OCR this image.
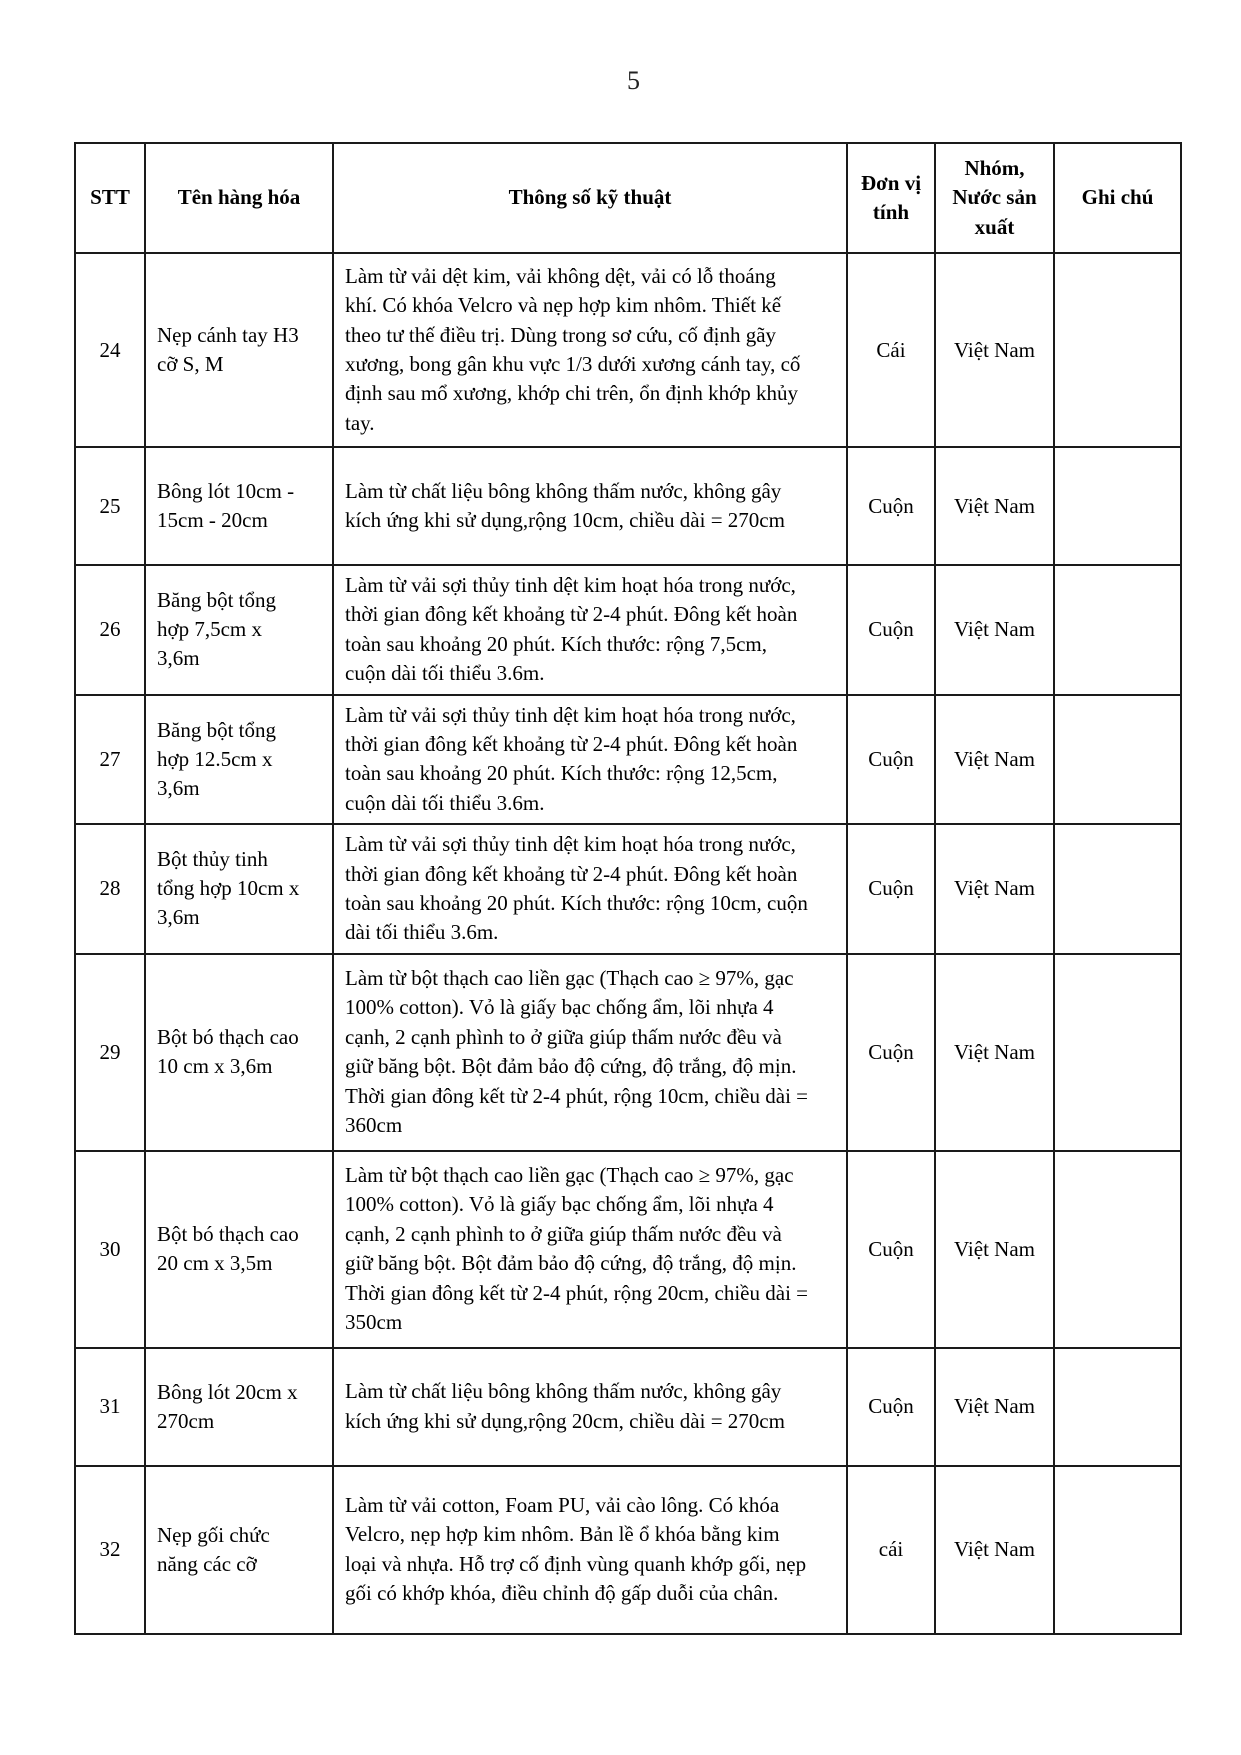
5
STT	Tên hàng hóa	Thông số kỹ thuật	Đơn vị tính	Nhóm, Nước sản xuất	Ghi chú
24	Nẹp cánh tay H3 cỡ S, M	Làm từ vải dệt kim, vải không dệt, vải có lỗ thoáng khí. Có khóa Velcro và nẹp hợp kim nhôm. Thiết kế theo tư thế điều trị. Dùng trong sơ cứu, cố định gãy xương, bong gân khu vực 1/3 dưới xương cánh tay, cố định sau mổ xương, khớp chi trên, ổn định khớp khủy tay.	Cái	Việt Nam	
25	Bông lót 10cm - 15cm - 20cm	Làm từ chất liệu bông không thấm nước, không gây kích ứng khi sử dụng,rộng 10cm, chiều dài = 270cm	Cuộn	Việt Nam	
26	Băng bột tổng hợp 7,5cm x 3,6m	Làm từ vải sợi thủy tinh dệt kim hoạt hóa trong nước, thời gian đông kết khoảng từ 2-4 phút. Đông kết hoàn toàn sau khoảng 20 phút. Kích thước: rộng 7,5cm, cuộn dài tối thiểu 3.6m.	Cuộn	Việt Nam	
27	Băng bột tổng hợp 12.5cm x 3,6m	Làm từ vải sợi thủy tinh dệt kim hoạt hóa trong nước, thời gian đông kết khoảng từ 2-4 phút. Đông kết hoàn toàn sau khoảng 20 phút. Kích thước: rộng 12,5cm, cuộn dài tối thiểu 3.6m.	Cuộn	Việt Nam	
28	Bột thủy tinh tổng hợp 10cm x 3,6m	Làm từ vải sợi thủy tinh dệt kim hoạt hóa trong nước, thời gian đông kết khoảng từ 2-4 phút. Đông kết hoàn toàn sau khoảng 20 phút. Kích thước: rộng 10cm, cuộn dài tối thiểu 3.6m.	Cuộn	Việt Nam	
29	Bột bó thạch cao 10 cm x 3,6m	Làm từ bột thạch cao liền gạc (Thạch cao ≥ 97%, gạc 100% cotton). Vỏ là giấy bạc chống ẩm, lõi nhựa 4 cạnh, 2 cạnh phình to ở giữa giúp thấm nước đều và giữ băng bột. Bột đảm bảo độ cứng, độ trắng, độ mịn. Thời gian đông kết từ 2-4 phút, rộng 10cm, chiều dài = 360cm	Cuộn	Việt Nam	
30	Bột bó thạch cao 20 cm x 3,5m	Làm từ bột thạch cao liền gạc (Thạch cao ≥ 97%, gạc 100% cotton). Vỏ là giấy bạc chống ẩm, lõi nhựa 4 cạnh, 2 cạnh phình to ở giữa giúp thấm nước đều và giữ băng bột. Bột đảm bảo độ cứng, độ trắng, độ mịn. Thời gian đông kết từ 2-4 phút, rộng 20cm, chiều dài = 350cm	Cuộn	Việt Nam	
31	Bông lót 20cm x 270cm	Làm từ chất liệu bông không thấm nước, không gây kích ứng khi sử dụng,rộng 20cm, chiều dài = 270cm	Cuộn	Việt Nam	
32	Nẹp gối chức năng các cỡ	Làm từ vải cotton, Foam PU, vải cào lông. Có khóa Velcro, nẹp hợp kim nhôm. Bản lề ổ khóa bằng kim loại và nhựa. Hỗ trợ cố định vùng quanh khớp gối, nẹp gối có khớp khóa, điều chỉnh độ gấp duỗi của chân.	cái	Việt Nam	
